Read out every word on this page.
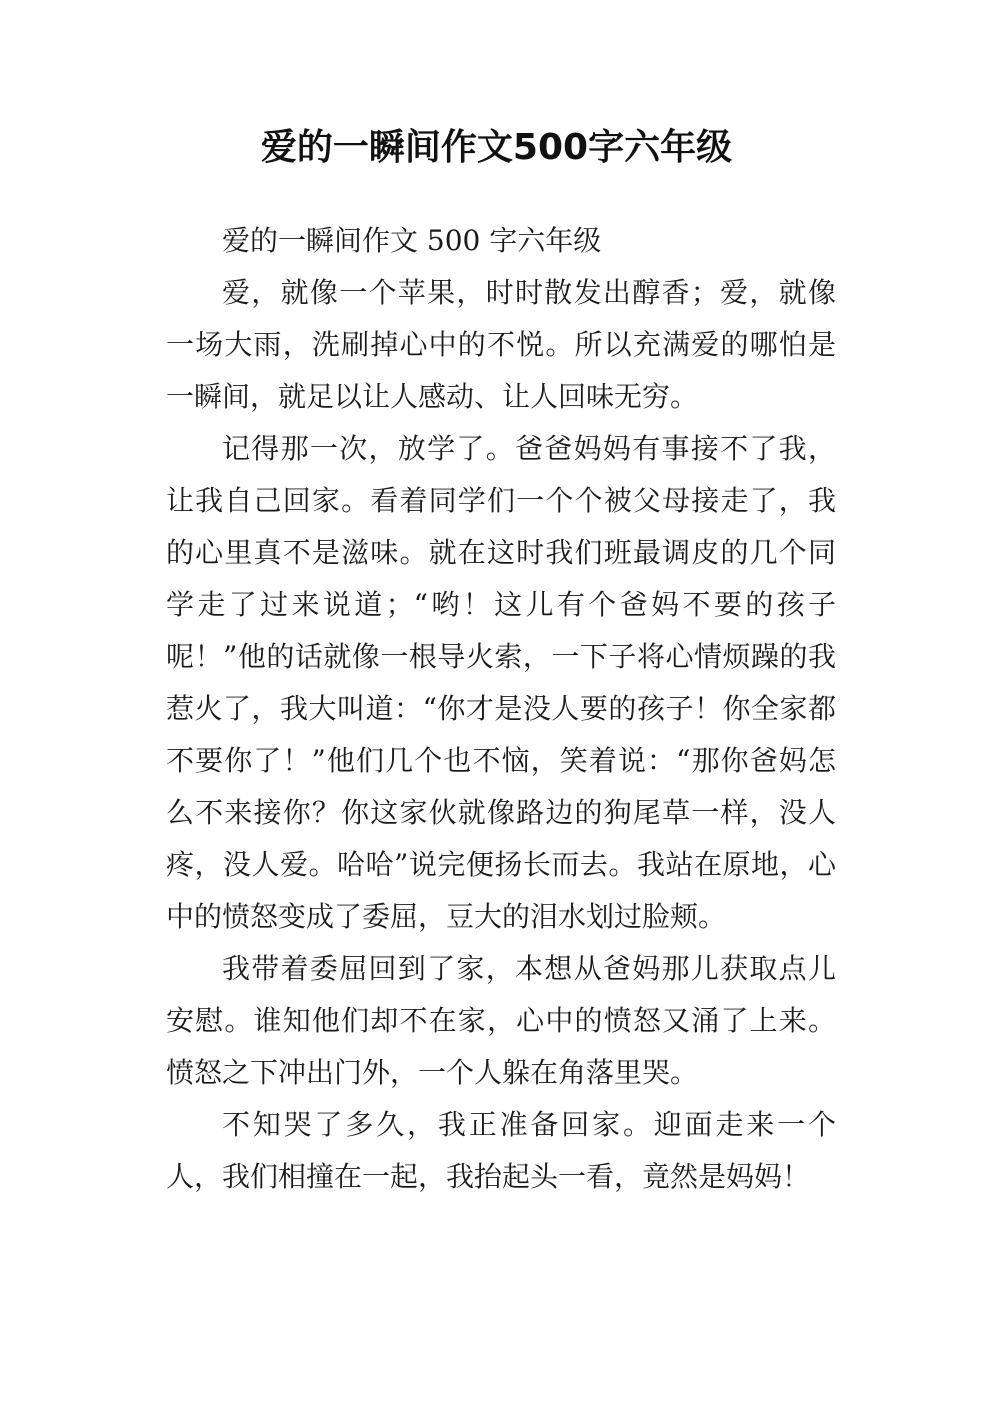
爱的一瞬间作文500字六年级

爱的一瞬间作文 500 字六年级

爱，就像一个苹果，时时散发出醇香；爱，就像一场大雨，洗刷掉心中的不悦。所以充满爱的哪怕是一瞬间，就足以让人感动、让人回味无穷。

记得那一次，放学了。爸爸妈妈有事接不了我，让我自己回家。看着同学们一个个被父母接走了，我的心里真不是滋味。就在这时我们班最调皮的几个同学走了过来说道；“哟！这儿有个爸妈不要的孩子呢！”他的话就像一根导火索，一下子将心情烦躁的我惹火了，我大叫道：“你才是没人要的孩子！你全家都不要你了！”他们几个也不恼，笑着说：“那你爸妈怎么不来接你？你这家伙就像路边的狗尾草一样，没人疼，没人爱。哈哈”说完便扬长而去。我站在原地，心中的愤怒变成了委屈，豆大的泪水划过脸颊。

我带着委屈回到了家，本想从爸妈那儿获取点儿安慰。谁知他们却不在家，心中的愤怒又涌了上来。愤怒之下冲出门外，一个人躲在角落里哭。

不知哭了多久，我正准备回家。迎面走来一个人，我们相撞在一起，我抬起头一看，竟然是妈妈！
